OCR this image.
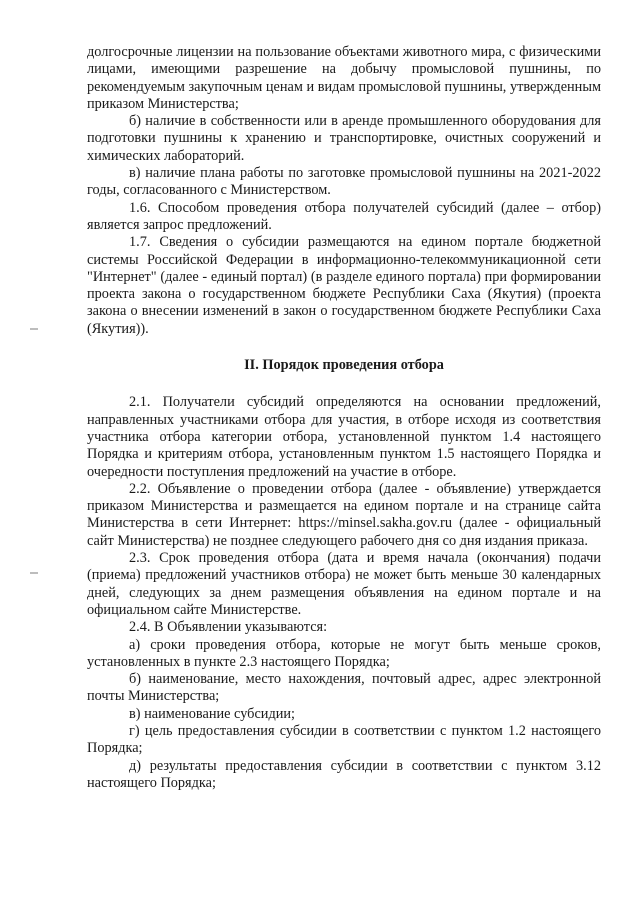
долгосрочные лицензии на пользование объектами животного мира, с физическими лицами, имеющими разрешение на добычу промысловой пушнины, по рекомендуемым закупочным ценам и видам промысловой пушнины, утвержденным приказом Министерства;

б) наличие в собственности или в аренде промышленного оборудования для подготовки пушнины к хранению и транспортировке, очистных сооружений и химических лабораторий.

в) наличие плана работы по заготовке промысловой пушнины на 2021-2022 годы, согласованного с Министерством.

1.6. Способом проведения отбора получателей субсидий (далее – отбор) является запрос предложений.

1.7. Сведения о субсидии размещаются на едином портале бюджетной системы Российской Федерации в информационно-телекоммуникационной сети "Интернет" (далее - единый портал) (в разделе единого портала) при формировании проекта закона о государственном бюджете Республики Саха (Якутия) (проекта закона о внесении изменений в закон о государственном бюджете Республики Саха (Якутия)).

II. Порядок проведения отбора

2.1. Получатели субсидий определяются на основании предложений, направленных участниками отбора для участия, в отборе исходя из соответствия участника отбора категории отбора, установленной пунктом 1.4 настоящего Порядка и критериям отбора, установленным пунктом 1.5 настоящего Порядка и очередности поступления предложений на участие в отборе.

2.2. Объявление о проведении отбора (далее - объявление) утверждается приказом Министерства и размещается на едином портале и на странице сайта Министерства в сети Интернет: https://minsel.sakha.gov.ru (далее - официальный сайт Министерства) не позднее следующего рабочего дня со дня издания приказа.

2.3. Срок проведения отбора (дата и время начала (окончания) подачи (приема) предложений участников отбора) не может быть меньше 30 календарных дней, следующих за днем размещения объявления на едином портале и на официальном сайте Министерстве.

2.4. В Объявлении указываются:

а) сроки проведения отбора, которые не могут быть меньше сроков, установленных в пункте 2.3 настоящего Порядка;

б) наименование, место нахождения, почтовый адрес, адрес электронной почты Министерства;

в) наименование субсидии;

г) цель предоставления субсидии в соответствии с пунктом 1.2 настоящего Порядка;

д) результаты предоставления субсидии в соответствии с пунктом 3.12 настоящего Порядка;
